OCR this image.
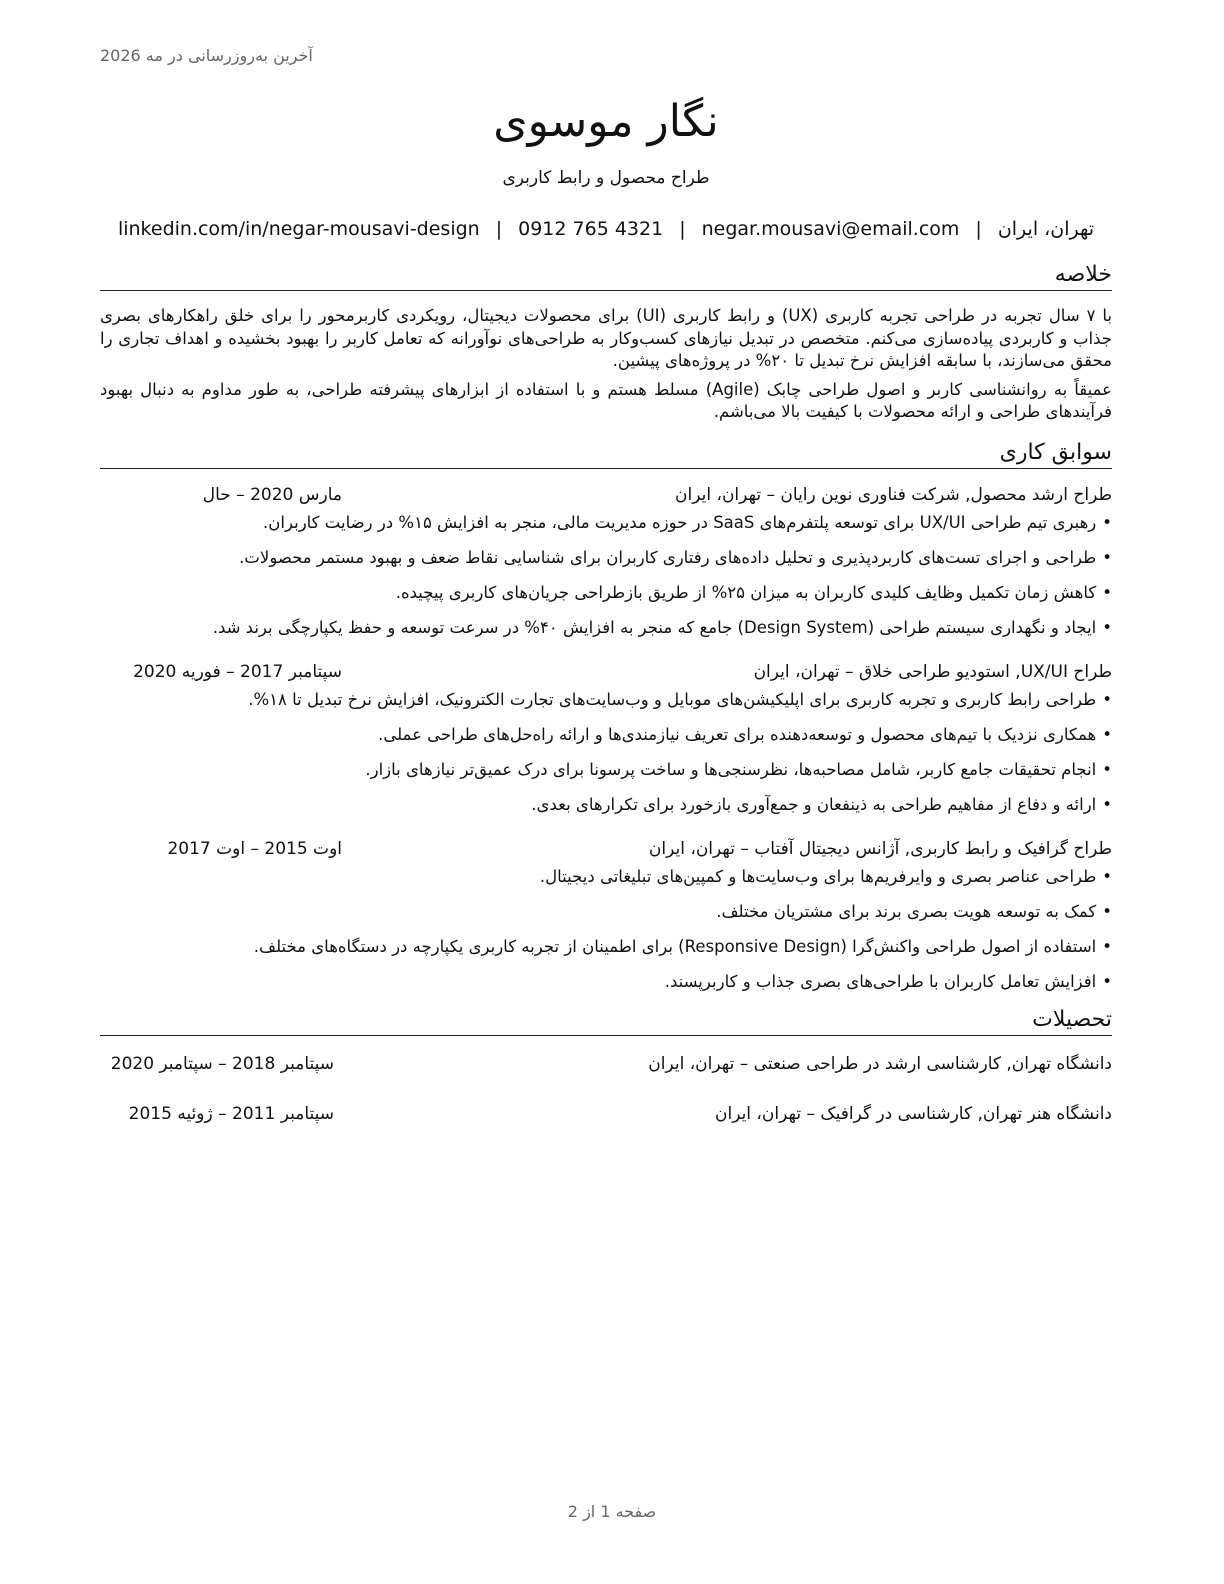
آخرین به‌روزرسانی در مه 2026
نگار موسوی
طراح محصول و رابط کاربری
تهران، ایران|negar.mousavi@email.com|0912 765 4321|linkedin.com/in/negar-mousavi-design
خلاصه

با ۷ سال تجربه در طراحی تجربه کاربری (UX) و رابط کاربری (UI) برای محصولات دیجیتال، رویکردی کاربرمحور را برای خلق راهکارهای بصری جذاب و کاربردی پیاده‌سازی می‌کنم. متخصص در تبدیل نیازهای کسب‌وکار به طراحی‌های نوآورانه که تعامل کاربر را بهبود بخشیده و اهداف تجاری را محقق می‌سازند، با سابقه افزایش نرخ تبدیل تا ۲۰% در پروژه‌های پیشین.

عمیقاً به روانشناسی کاربر و اصول طراحی چابک (Agile) مسلط هستم و با استفاده از ابزارهای پیشرفته طراحی، به طور مداوم به دنبال بهبود فرآیندهای طراحی و ارائه محصولات با کیفیت بالا می‌باشم.

سوابق کاری
طراح ارشد محصول, شرکت فناوری نوین رایان – تهران، ایران
مارس 2020 – حال
• رهبری تیم طراحی UX/UI برای توسعه پلتفرم‌های SaaS در حوزه مدیریت مالی، منجر به افزایش ۱۵% در رضایت کاربران.
• طراحی و اجرای تست‌های کاربردپذیری و تحلیل داده‌های رفتاری کاربران برای شناسایی نقاط ضعف و بهبود مستمر محصولات.
• کاهش زمان تکمیل وظایف کلیدی کاربران به میزان ۲۵% از طریق بازطراحی جریان‌های کاربری پیچیده.
• ایجاد و نگهداری سیستم طراحی (Design System) جامع که منجر به افزایش ۴۰% در سرعت توسعه و حفظ یکپارچگی برند شد.
طراح UX/UI, استودیو طراحی خلاق – تهران، ایران
سپتامبر 2017 – فوریه 2020
• طراحی رابط کاربری و تجربه کاربری برای اپلیکیشن‌های موبایل و وب‌سایت‌های تجارت الکترونیک، افزایش نرخ تبدیل تا ۱۸%.
• همکاری نزدیک با تیم‌های محصول و توسعه‌دهنده برای تعریف نیازمندی‌ها و ارائه راه‌حل‌های طراحی عملی.
• انجام تحقیقات جامع کاربر، شامل مصاحبه‌ها، نظرسنجی‌ها و ساخت پرسونا برای درک عمیق‌تر نیازهای بازار.
• ارائه و دفاع از مفاهیم طراحی به ذینفعان و جمع‌آوری بازخورد برای تکرارهای بعدی.
طراح گرافیک و رابط کاربری, آژانس دیجیتال آفتاب – تهران، ایران
اوت 2015 – اوت 2017
• طراحی عناصر بصری و وایرفریم‌ها برای وب‌سایت‌ها و کمپین‌های تبلیغاتی دیجیتال.
• کمک به توسعه هویت بصری برند برای مشتریان مختلف.
• استفاده از اصول طراحی واکنش‌گرا (Responsive Design) برای اطمینان از تجربه کاربری یکپارچه در دستگاه‌های مختلف.
• افزایش تعامل کاربران با طراحی‌های بصری جذاب و کاربرپسند.
تحصیلات
دانشگاه تهران, کارشناسی ارشد در طراحی صنعتی – تهران، ایران
سپتامبر 2018 – سپتامبر 2020
دانشگاه هنر تهران, کارشناسی در گرافیک – تهران، ایران
سپتامبر 2011 – ژوئیه 2015
صفحه 1 از 2
